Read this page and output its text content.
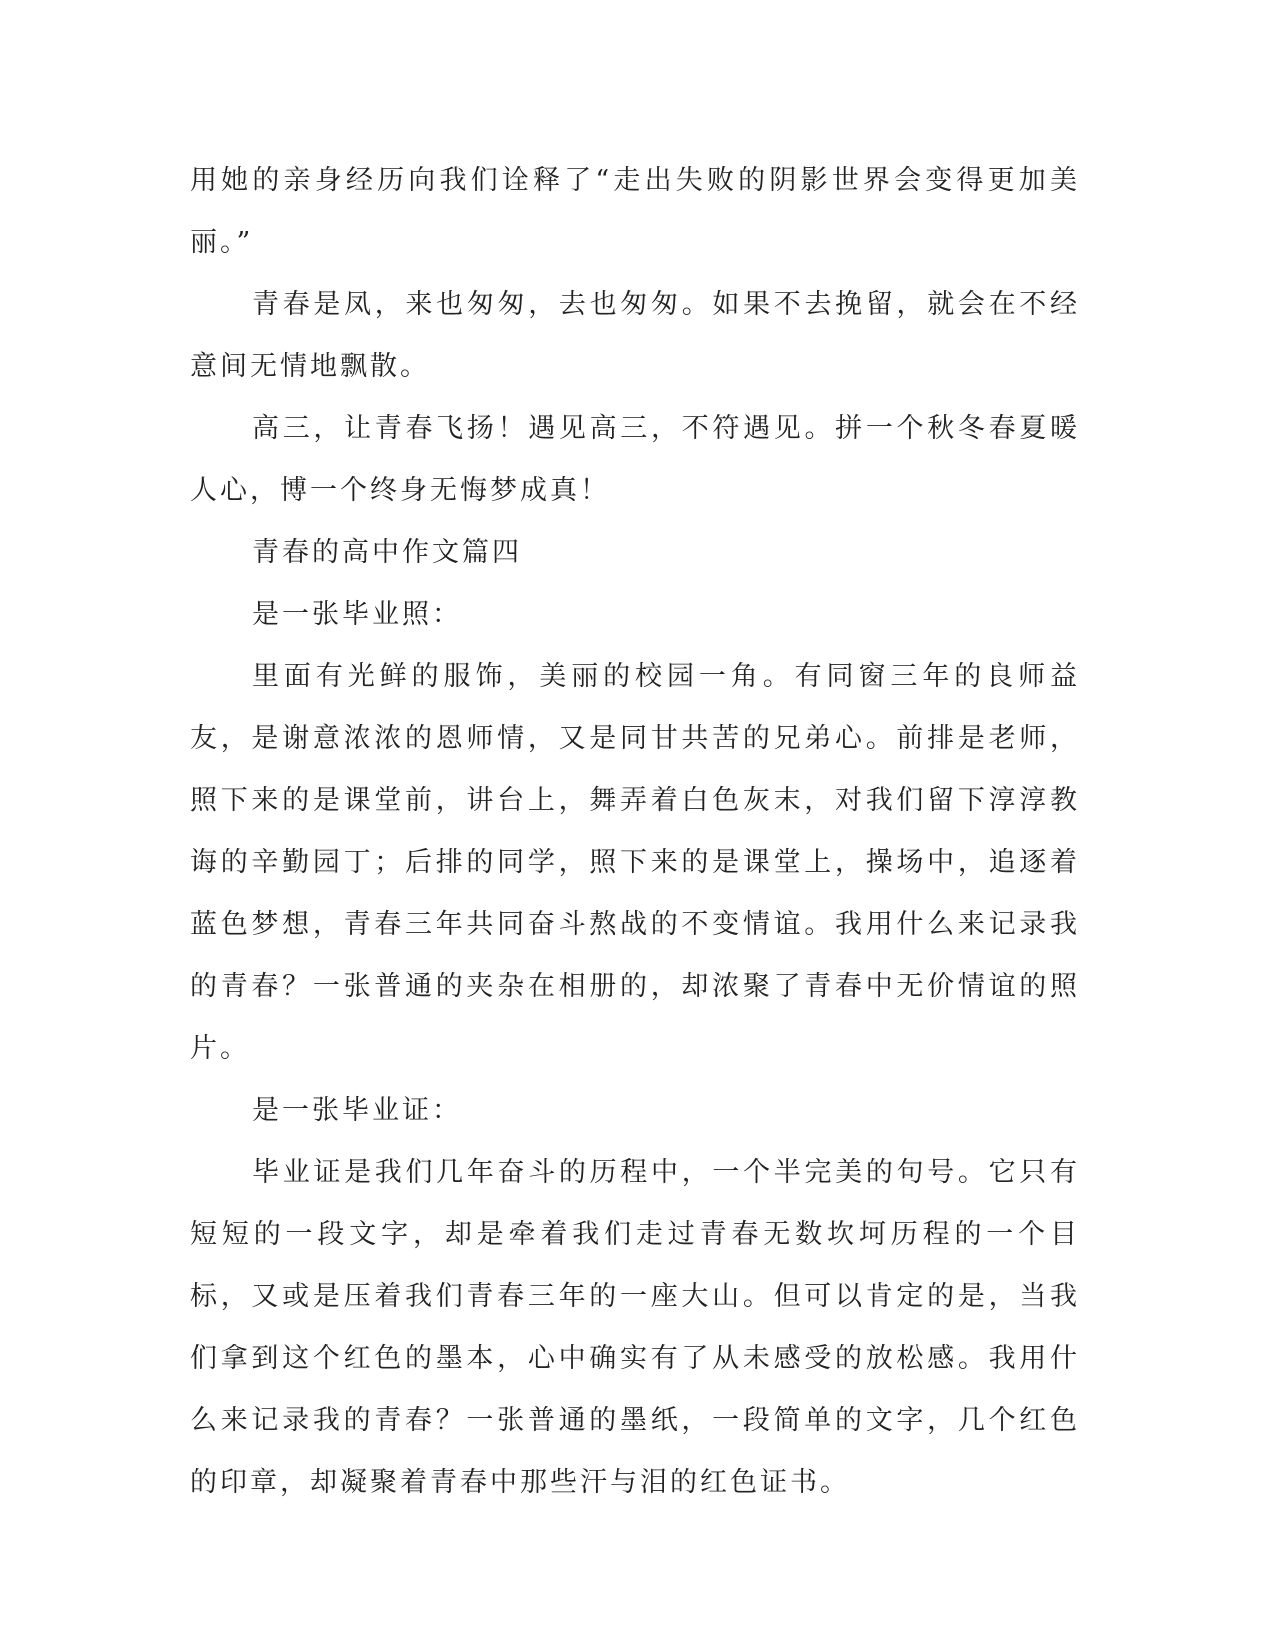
用她的亲身经历向我们诠释了“走出失败的阴影世界会变得更加美丽。”

青春是凤，来也匆匆，去也匆匆。如果不去挽留，就会在不经意间无情地飘散。

高三，让青春飞扬！遇见高三，不符遇见。拼一个秋冬春夏暖人心，博一个终身无悔梦成真！

青春的高中作文篇四

是一张毕业照：

里面有光鲜的服饰，美丽的校园一角。有同窗三年的良师益友，是谢意浓浓的恩师情，又是同甘共苦的兄弟心。前排是老师，照下来的是课堂前，讲台上，舞弄着白色灰末，对我们留下淳淳教诲的辛勤园丁；后排的同学，照下来的是课堂上，操场中，追逐着蓝色梦想，青春三年共同奋斗熬战的不变情谊。我用什么来记录我的青春？一张普通的夹杂在相册的，却浓聚了青春中无价情谊的照片。

是一张毕业证：

毕业证是我们几年奋斗的历程中，一个半完美的句号。它只有短短的一段文字，却是牵着我们走过青春无数坎坷历程的一个目标，又或是压着我们青春三年的一座大山。但可以肯定的是，当我们拿到这个红色的墨本，心中确实有了从未感受的放松感。我用什么来记录我的青春？一张普通的墨纸，一段简单的文字，几个红色的印章，却凝聚着青春中那些汗与泪的红色证书。
